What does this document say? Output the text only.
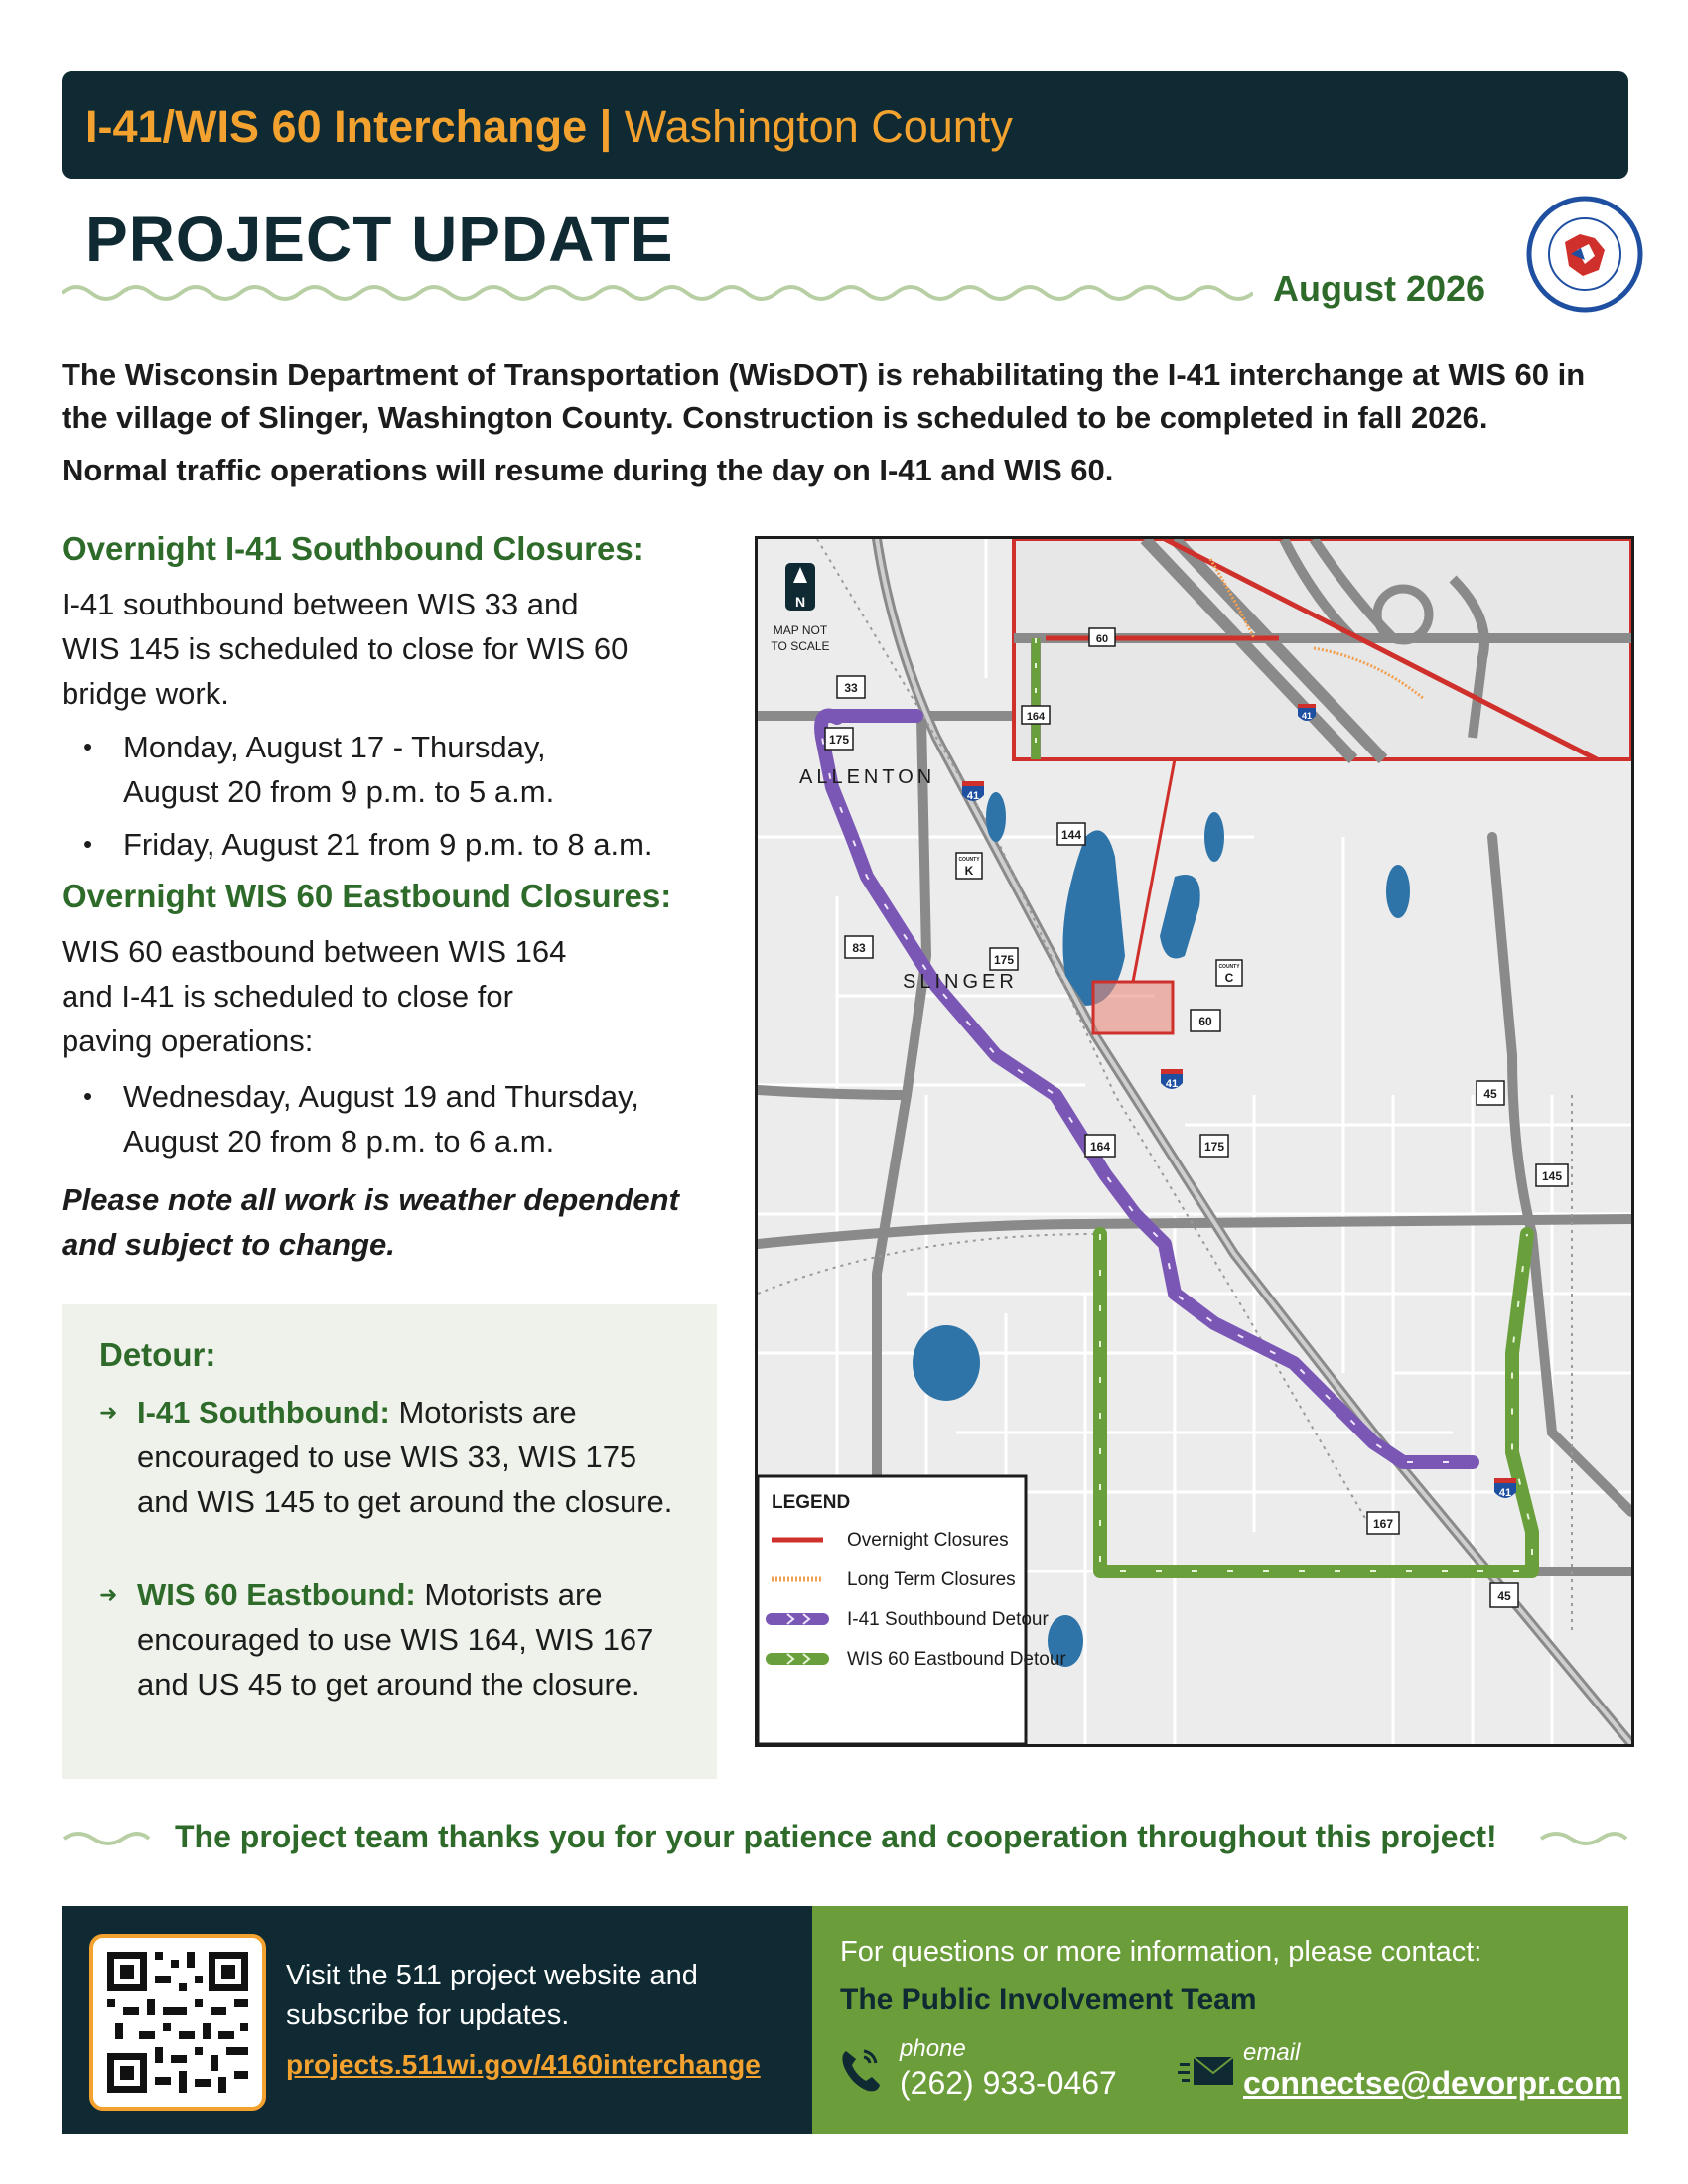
I-41/WIS 60 Interchange | Washington County
PROJECT UPDATE
August 2026

The Wisconsin Department of Transportation (WisDOT) is rehabilitating the I-41 interchange at WIS 60 in the village of Slinger, Washington County. Construction is scheduled to be completed in fall 2026.

Normal traffic operations will resume during the day on I-41 and WIS 60.

Overnight I-41 Southbound Closures:
I-41 southbound between WIS 33 and
WIS 145 is scheduled to close for WIS 60
bridge work.
• Monday, August 17 - Thursday,
August 20 from 9 p.m. to 5 a.m.
• Friday, August 21 from 9 p.m. to 8 a.m.
Overnight WIS 60 Eastbound Closures:
WIS 60 eastbound between WIS 164
and I-41 is scheduled to close for
paving operations:
• Wednesday, August 19 and Thursday,
August 20 from 8 p.m. to 6 a.m.
Please note all work is weather dependent
and subject to change.
Detour:
➜ I-41 Southbound: Motorists are encouraged to use WIS 33, WIS 175 and WIS 145 to get around the closure.
➜ WIS 60 Eastbound: Motorists are encouraged to use WIS 164, WIS 167 and US 45 to get around the closure.
N
MAP NOT
TO SCALE
ALLENTON
SLINGER
33
175
175
175
144
COUNTY
K
COUNTY
C
83
60
60
164
164
45
45
145
167
41
41
41
41
LEGEND
Overnight Closures
Long Term Closures
I-41 Southbound Detour
WIS 60 Eastbound Detour
The project team thanks you for your patience and cooperation throughout this project!
Visit the 511 project website and subscribe for updates.
projects.511wi.gov/4160interchange
For questions or more information, please contact:
The Public Involvement Team
phone
(262) 933-0467
email
connectse@devorpr.com
